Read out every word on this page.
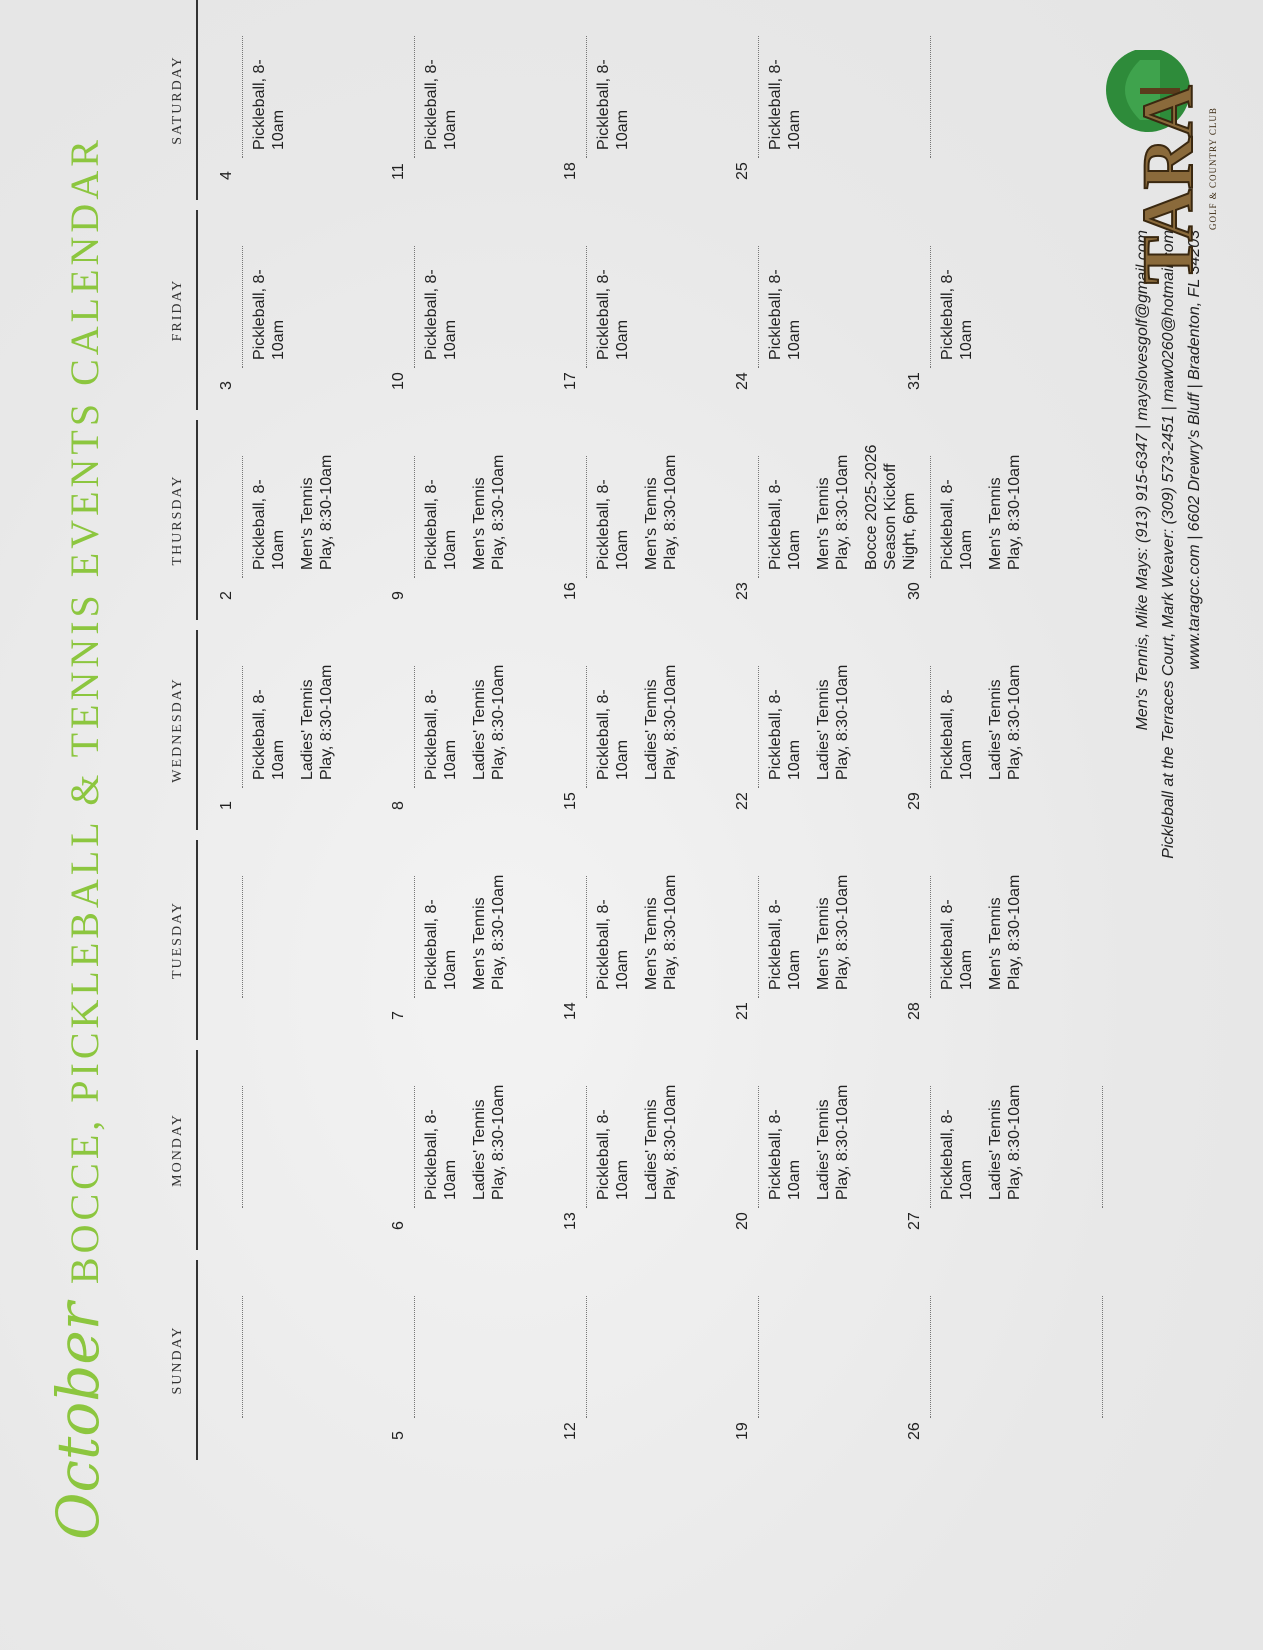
October BOCCE, PICKLEBALL & TENNIS EVENTS CALENDAR
SUNDAY
MONDAY
TUESDAY
WEDNESDAY
THURSDAY
FRIDAY
SATURDAY
1
Pickleball, 8-10am Ladies' Tennis Play, 8:30-10am
2
Pickleball, 8-10am Men's Tennis Play, 8:30-10am
3
Pickleball, 8-10am
4
Pickleball, 8-10am
5
6
Pickleball, 8-10am Ladies' Tennis Play, 8:30-10am
7
Pickleball, 8-10am Men's Tennis Play, 8:30-10am
8
Pickleball, 8-10am Ladies' Tennis Play, 8:30-10am
9
Pickleball, 8-10am Men's Tennis Play, 8:30-10am
10
Pickleball, 8-10am
11
Pickleball, 8-10am
12
13
Pickleball, 8-10am Ladies' Tennis Play, 8:30-10am
14
Pickleball, 8-10am Men's Tennis Play, 8:30-10am
15
Pickleball, 8-10am Ladies' Tennis Play, 8:30-10am
16
Pickleball, 8-10am Men's Tennis Play, 8:30-10am
17
Pickleball, 8-10am
18
Pickleball, 8-10am
19
20
Pickleball, 8-10am Ladies' Tennis Play, 8:30-10am
21
Pickleball, 8-10am Men's Tennis Play, 8:30-10am
22
Pickleball, 8-10am Ladies' Tennis Play, 8:30-10am
23
Pickleball, 8-10am Men's Tennis Play, 8:30-10am Bocce 2025-2026 Season Kickoff Night, 6pm
24
Pickleball, 8-10am
25
Pickleball, 8-10am
26
27
Pickleball, 8-10am Ladies' Tennis Play, 8:30-10am
28
Pickleball, 8-10am Men's Tennis Play, 8:30-10am
29
Pickleball, 8-10am Ladies' Tennis Play, 8:30-10am
30
Pickleball, 8-10am Men's Tennis Play, 8:30-10am
31
Pickleball, 8-10am	Men's Tennis, Mike Mays: (913) 915-6347 | mayslovesgolf@gmail.com Pickleball at the Terraces Court, Mark Weaver: (309) 573-2451 | maw0260@hotmail.com www.taragcc.com | 6602 Drewry's Bluff | Bradenton, FL 34203
TARA GOLF & COUNTRY CLUB
